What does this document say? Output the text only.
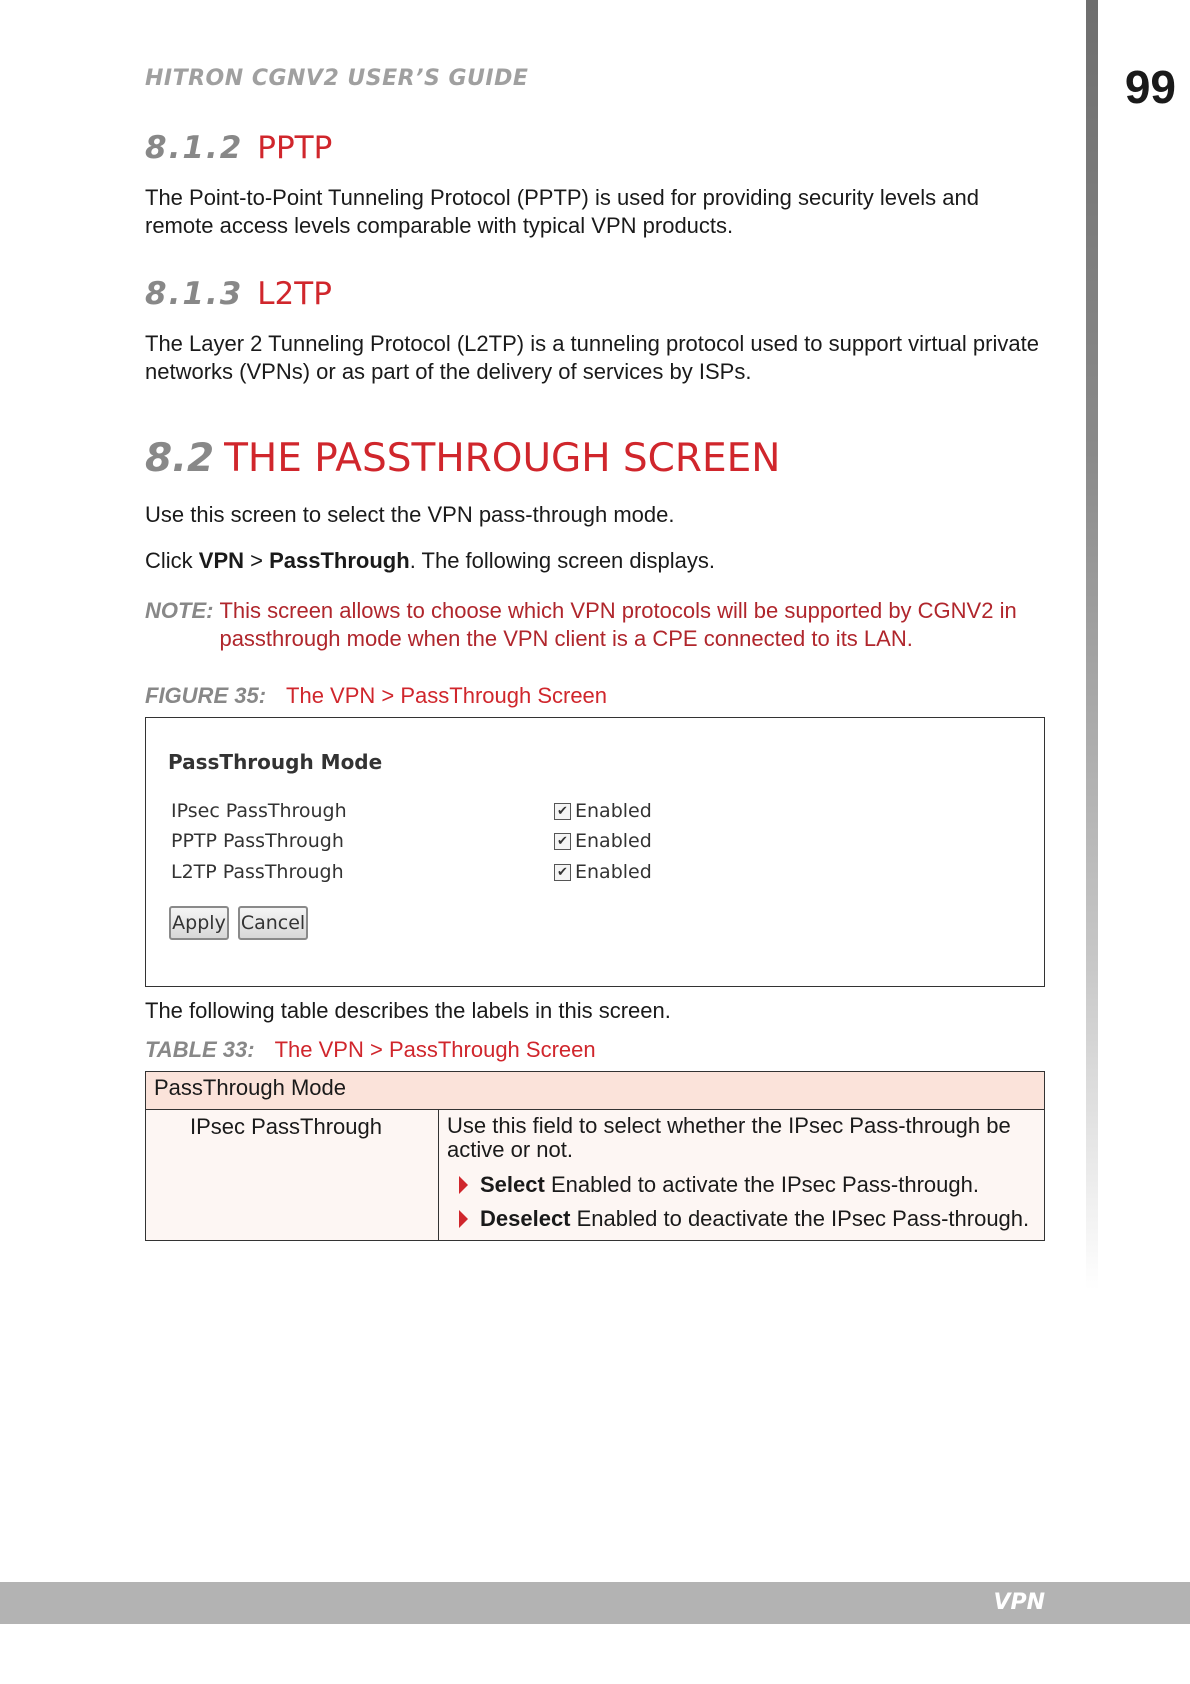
99
HITRON CGNV2 USER’S GUIDE
8.1.2 PPTP

The Point-to-Point Tunneling Protocol (PPTP) is used for providing security levels and remote access levels comparable with typical VPN products.

8.1.3 L2TP

The Layer 2 Tunneling Protocol (L2TP) is a tunneling protocol used to support virtual private networks (VPNs) or as part of the delivery of services by ISPs.

8.2 THE PASSTHROUGH SCREEN

Use this screen to select the VPN pass-through mode.

Click VPN > PassThrough. The following screen displays.

NOTE: This screen allows to choose which VPN protocols will be supported by CGNV2 in passthrough mode when the VPN client is a CPE connected to its LAN.
FIGURE 35: The VPN > PassThrough Screen
PassThrough Mode
IPsec PassThrough	✔ Enabled
PPTP PassThrough	✔ Enabled
L2TP PassThrough	✔ Enabled
Apply Cancel

The following table describes the labels in this screen.

TABLE 33: The VPN > PassThrough Screen
PassThrough Mode
IPsec PassThrough	Use this field to select whether the IPsec Pass-through be active or not.
Select Enabled to activate the IPsec Pass-through.
Deselect Enabled to deactivate the IPsec Pass-through.
VPN
